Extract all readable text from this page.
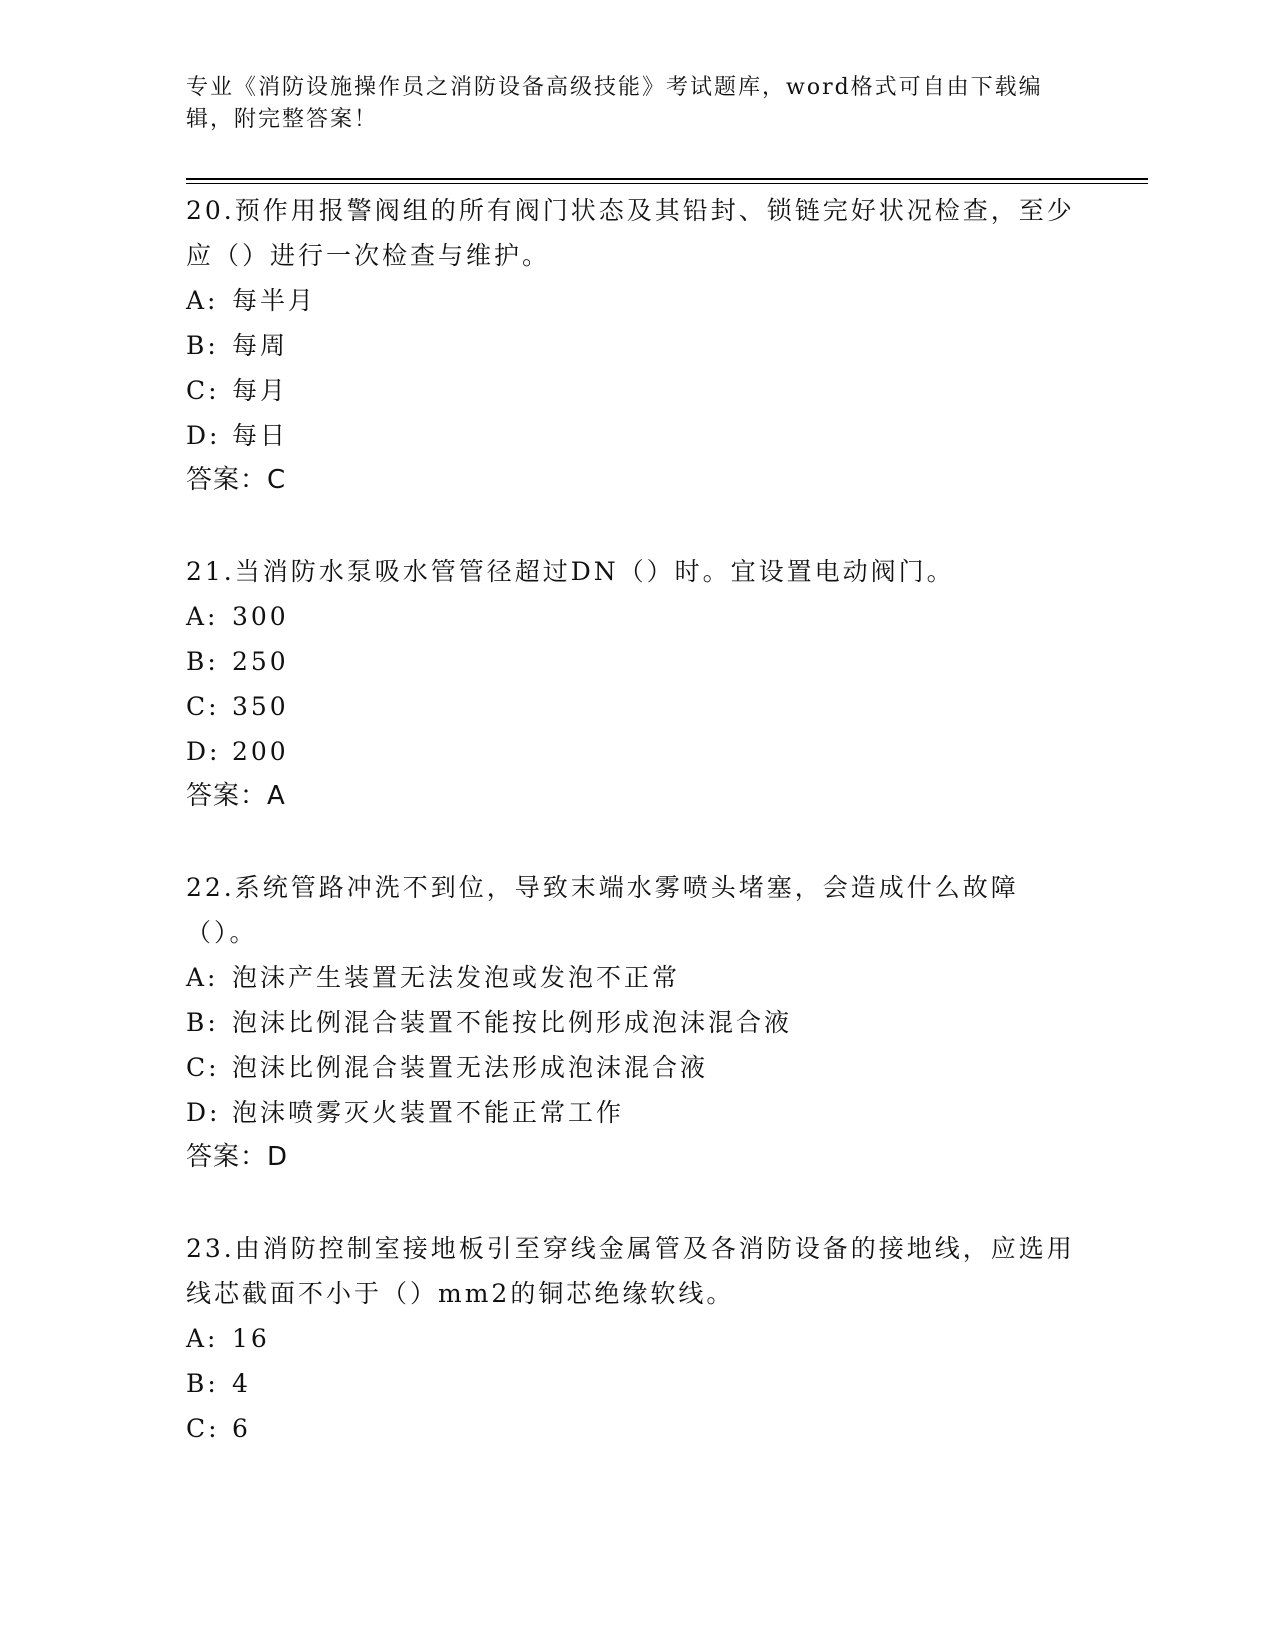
专业《消防设施操作员之消防设备高级技能》考试题库，word格式可自由下载编辑，附完整答案！

20.预作用报警阀组的所有阀门状态及其铅封、锁链完好状况检查，至少应（）进行一次检查与维护。

A: 每半月

B: 每周

C: 每月

D: 每日

答案：C

21.当消防水泵吸水管管径超过DN（）时。宜设置电动阀门。

A: 300

B: 250

C: 350

D: 200

答案：A

22.系统管路冲洗不到位，导致末端水雾喷头堵塞，会造成什么故障（）。

A: 泡沫产生装置无法发泡或发泡不正常

B: 泡沫比例混合装置不能按比例形成泡沫混合液

C: 泡沫比例混合装置无法形成泡沫混合液

D: 泡沫喷雾灭火装置不能正常工作

答案：D

23.由消防控制室接地板引至穿线金属管及各消防设备的接地线，应选用线芯截面不小于（）mm2的铜芯绝缘软线。

A: 16

B: 4

C: 6
